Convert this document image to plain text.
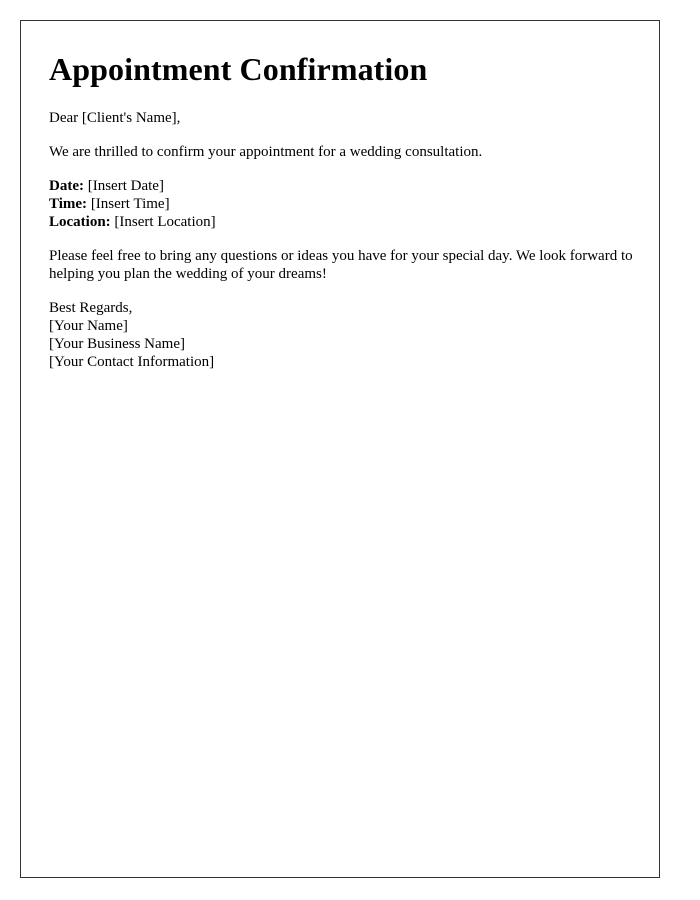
Appointment Confirmation

Dear [Client's Name],

We are thrilled to confirm your appointment for a wedding consultation.

Date: [Insert Date]
Time: [Insert Time]
Location: [Insert Location]

Please feel free to bring any questions or ideas you have for your special day. We look forward to helping you plan the wedding of your dreams!

Best Regards,
[Your Name]
[Your Business Name]
[Your Contact Information]
